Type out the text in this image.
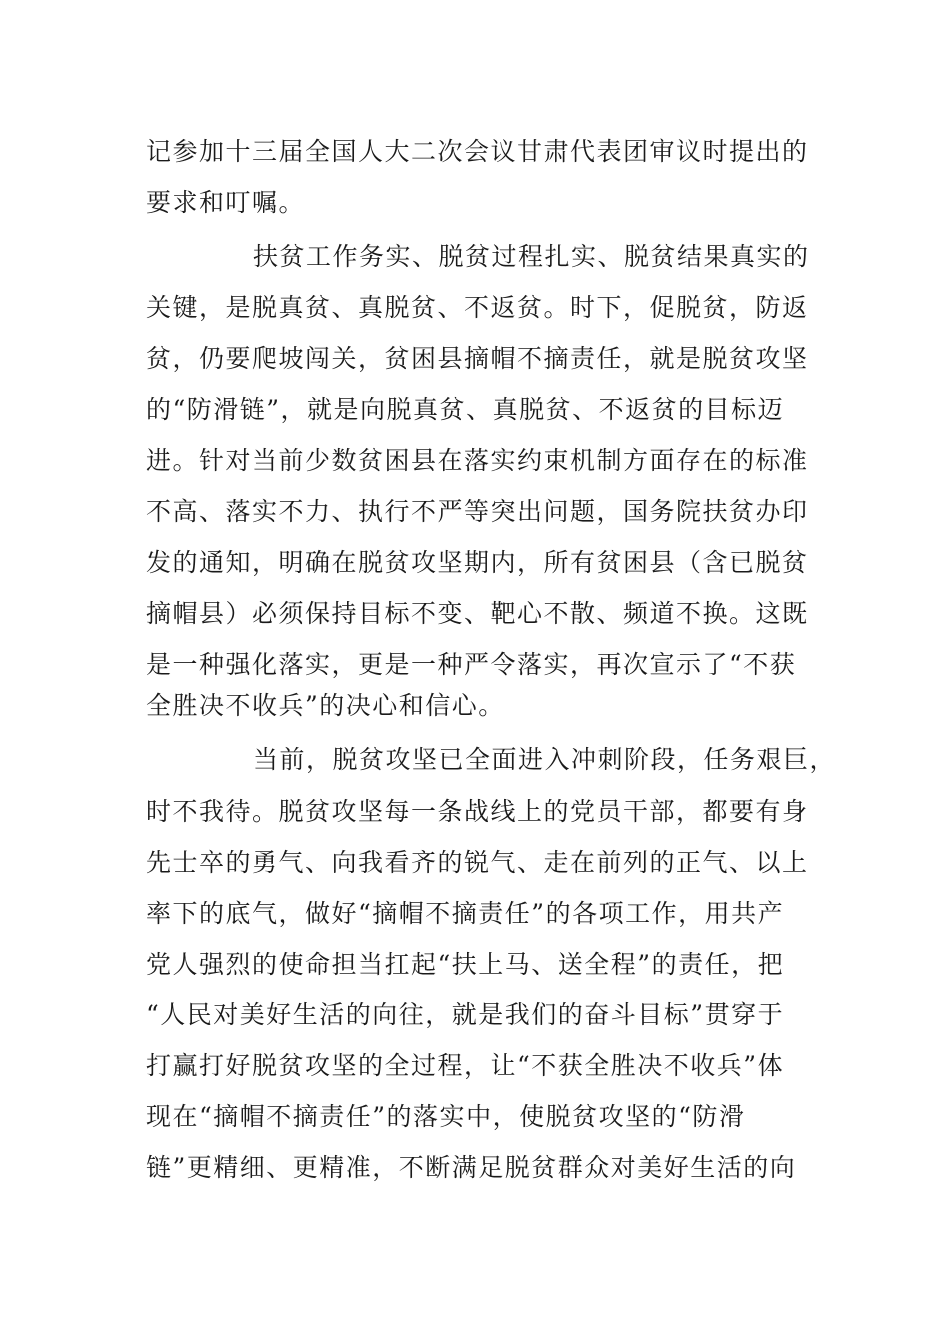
记参加十三届全国人大二次会议甘肃代表团审议时提出的
要求和叮嘱。
扶贫工作务实、脱贫过程扎实、脱贫结果真实的
关键，是脱真贫、真脱贫、不返贫。时下，促脱贫，防返
贫，仍要爬坡闯关，贫困县摘帽不摘责任，就是脱贫攻坚
的“防滑链”，就是向脱真贫、真脱贫、不返贫的目标迈
进。针对当前少数贫困县在落实约束机制方面存在的标准
不高、落实不力、执行不严等突出问题，国务院扶贫办印
发的通知，明确在脱贫攻坚期内，所有贫困县（含已脱贫
摘帽县）必须保持目标不变、靶心不散、频道不换。这既
是一种强化落实，更是一种严令落实，再次宣示了“不获
全胜决不收兵”的决心和信心。
当前，脱贫攻坚已全面进入冲刺阶段，任务艰巨，
时不我待。脱贫攻坚每一条战线上的党员干部，都要有身
先士卒的勇气、向我看齐的锐气、走在前列的正气、以上
率下的底气，做好“摘帽不摘责任”的各项工作，用共产
党人强烈的使命担当扛起“扶上马、送全程”的责任，把
“人民对美好生活的向往，就是我们的奋斗目标”贯穿于
打赢打好脱贫攻坚的全过程，让“不获全胜决不收兵”体
现在“摘帽不摘责任”的落实中，使脱贫攻坚的“防滑
链”更精细、更精准，不断满足脱贫群众对美好生活的向
